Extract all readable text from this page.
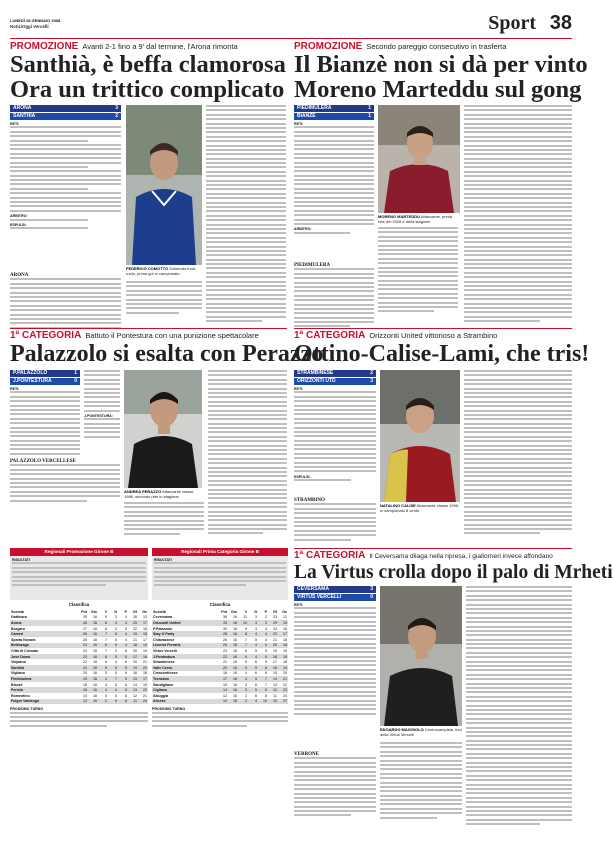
LUNEDÌ 28 GENNAIO 2008
NotiziOggi Vercelli	Sport 38
PROMOZIONE Avanti 2-1 fino a 9' dal termine, l'Arona rimonta
Santhià, è beffa clamorosa
Ora un trittico complicato
ARONA	3
SANTHIÀ	2
RETI:
ARBITRO:
ESPULSI:
ARONA
FEDERICO COMOTTO Schierato fuori-ruolo, prima gol in campionato
PROMOZIONE Secondo pareggio consecutivo in trasferta
Il Bianzè non si dà per vinto
Moreno Marteddu sul gong
PIEDIMULERA	1
BIANZÈ	1
RETI:
ARBITRO:
PIEDIMULERA
MORENO MARTEDDU Attaccante, prima rete del 2008 e della stagione
1ª CATEGORIA Battuto il Pontestura con una punizione spettacolare
Palazzolo si esalta con Perazzo
P.PALAZZOLO	1
J.PONTESTURA	0
RETI:
J.PONTESTURA:
PALAZZOLO VERCELLESE
ANDREA PERAZZO Attaccante classe 1986, secondo rete in stagione
1ª CATEGORIA Orizzonti United vittorioso a Strambino
Ottino-Calise-Lami, che tris!
STRAMBINESE	2
ORIZZONTI UTD	3
RETI:
ESPULSI:
STRAMBINO
NATALINO CALISE Attaccante classe 1995, in campionato 8 centri
Regionali Promozione Girone B
RISULTATI
Classifica
Società	Pnt	Gio	V	N	P	Gf	Gs
Gattinara	30	16	9	3	4	26	13
Arona	28	16	8	4	4	25	17
Borgaro	27	16	8	3	5	22	18
Cameri	26	16	7	5	4	19	15
Sparta Novara	26	16	7	5	4	21	17
Bellinzago	24	16	6	6	4	18	14
Città di Cossato	24	16	7	3	6	20	19
Juve Domo	23	16	6	5	5	17	16
Volpiano	22	16	6	4	6	20	21
Santhià	21	16	5	6	5	19	20
Vigliano	20	16	5	5	6	16	18
Piedimulera	19	16	4	7	5	15	17
Bianzè	18	16	4	6	6	14	19
Feriolo	16	16	4	4	8	13	22
Romentino	14	16	3	5	8	12	21
Fulgor Valdengo	12	16	2	6	8	11	24
PROSSIMO TURNO
Regionali Prima Categoria Girone B
RISULTATI
Classifica
Società	Pnt	Gio	V	N	P	Gf	Gs
Ceversama	36	16	11	3	2	33	12
Orizzonti United	33	16	10	3	3	29	15
P.Palazzolo	30	16	9	3	4	24	16
Stay O Party	28	16	8	4	4	23	17
Chiavazzese	26	16	7	5	4	21	18
Livorno Ferraris	25	16	7	4	5	20	18
Virtus Vercelli	23	16	6	5	5	19	19
J.Pontestura	22	16	6	4	6	18	19
Strambinese	21	16	5	6	5	17	18
Valle Cervo	20	16	5	5	6	16	19
Crescentinese	18	16	4	6	6	15	20
Tronzano	17	16	4	5	7	14	21
Sandigliano	15	16	3	6	7	13	22
Cigliano	14	16	3	5	8	12	23
Saluggia	12	16	2	6	8	11	24
Alicese	10	16	2	4	10	10	27
PROSSIMO TURNO
1ª CATEGORIA Il Ceversama dilaga nella ripresa, i giallorneri invece affondano
La Virtus crolla dopo il palo di Mrheti
CEVERSAMA	3
VIRTUS VERCELLI	0
RETI:
VERRONE
EDOARDO MAGGIOLO Centrocampista, tuoi della Virtus Vercelli
